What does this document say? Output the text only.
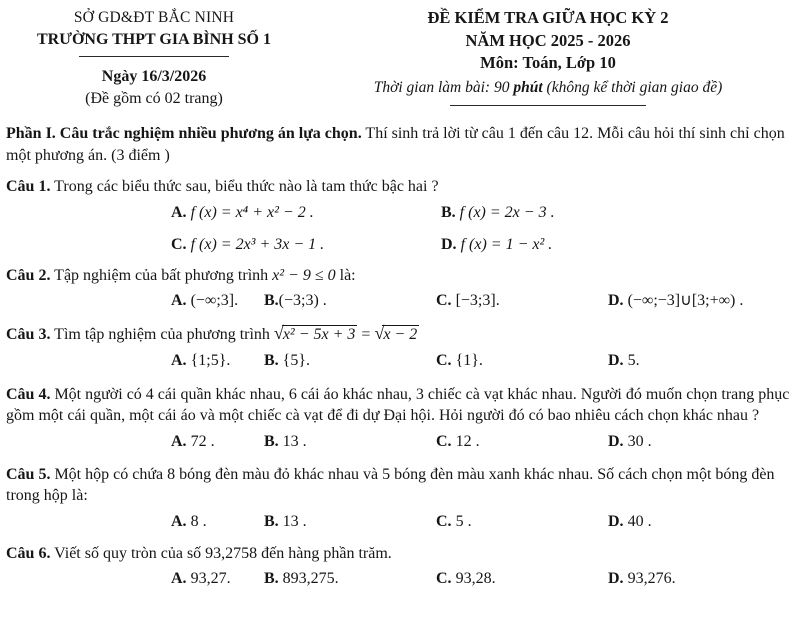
SỞ GD&ĐT BẮC NINH
TRƯỜNG THPT GIA BÌNH SỐ 1
Ngày 16/3/2026
(Đề gồm có 02 trang)
ĐỀ KIỂM TRA GIỮA HỌC KỲ 2
NĂM HỌC 2025 - 2026
Môn: Toán, Lớp 10
Thời gian làm bài: 90 phút (không kể thời gian giao đề)
Phần I. Câu trắc nghiệm nhiều phương án lựa chọn. Thí sinh trả lời từ câu 1 đến câu 12. Mỗi câu hỏi thí sinh chỉ chọn một phương án. (3 điểm )
Câu 1. Trong các biểu thức sau, biểu thức nào là tam thức bậc hai ?
A. f (x) = x⁴ + x² − 2 .	B. f (x) = 2x − 3 .
C. f (x) = 2x³ + 3x − 1 .	D. f (x) = 1 − x² .
Câu 2. Tập nghiệm của bất phương trình x² − 9 ≤ 0 là:
A. (−∞;3].	B.(−3;3) .	C. [−3;3].	D. (−∞;−3]∪[3;+∞) .
Câu 3. Tìm tập nghiệm của phương trình √x² − 5x + 3 = √x − 2
A. {1;5}.	B. {5}.	C. {1}.	D. 5.
Câu 4. Một người có 4 cái quần khác nhau, 6 cái áo khác nhau, 3 chiếc cà vạt khác nhau. Người đó muốn chọn trang phục gồm một cái quần, một cái áo và một chiếc cà vạt để đi dự Đại hội. Hỏi người đó có bao nhiêu cách chọn khác nhau ?
A. 72 .	B. 13 .	C. 12 .	D. 30 .
Câu 5. Một hộp có chứa 8 bóng đèn màu đỏ khác nhau và 5 bóng đèn màu xanh khác nhau. Số cách chọn một bóng đèn trong hộp là:
A. 8 .	B. 13 .	C. 5 .	D. 40 .
Câu 6. Viết số quy tròn của số 93,2758 đến hàng phần trăm.
A. 93,27.	B. 893,275.	C. 93,28.	D. 93,276.
